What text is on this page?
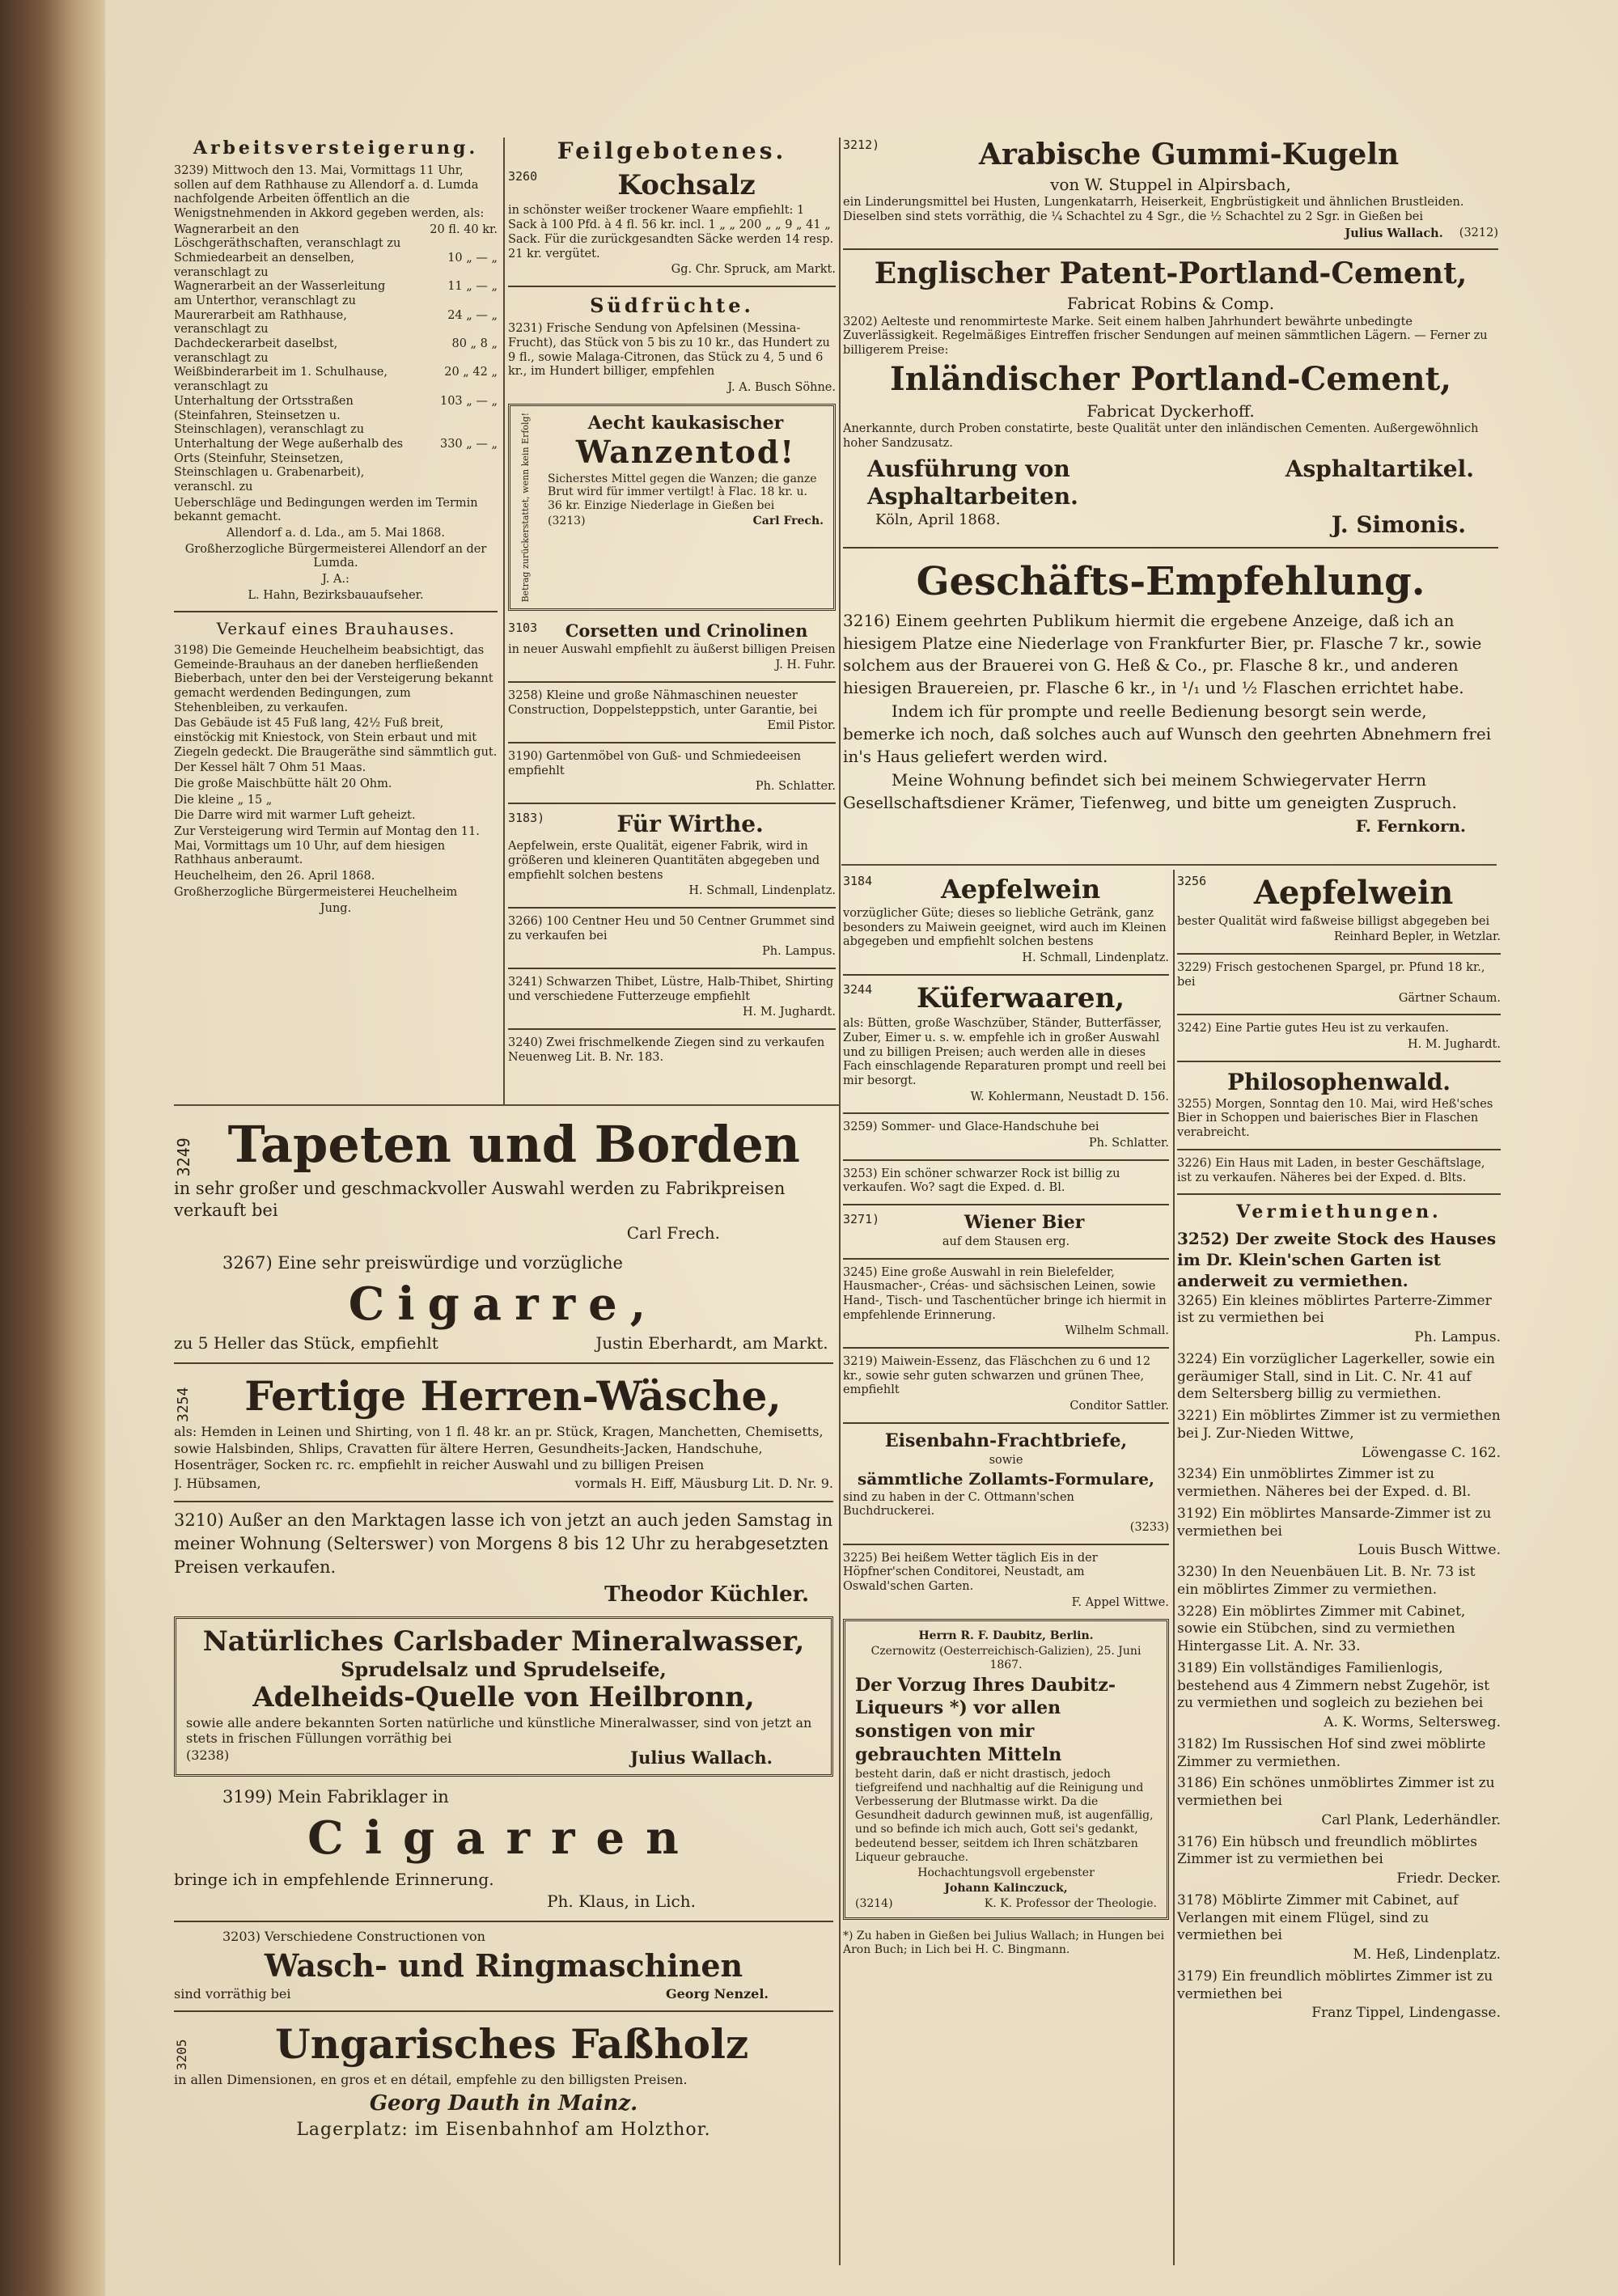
Arbeitsversteigerung.

3239) Mittwoch den 13. Mai, Vormittags 11 Uhr, sollen auf dem Rathhause zu Allendorf a. d. Lumda nachfolgende Arbeiten öffentlich an die Wenigstnehmenden in Akkord gegeben werden, als:

Wagnerarbeit an den Löschgeräthschaften, veranschlagt zu
20 fl. 40 kr.
Schmiedearbeit an denselben, veranschlagt zu
10 „ — „
Wagnerarbeit an der Wasserleitung am Unterthor, veranschlagt zu
11 „ — „
Maurerarbeit am Rathhause, veranschlagt zu
24 „ — „
Dachdeckerarbeit daselbst, veranschlagt zu
80 „ 8 „
Weißbinderarbeit im 1. Schulhause, veranschlagt zu
20 „ 42 „
Unterhaltung der Ortsstraßen (Steinfahren, Steinsetzen u. Steinschlagen), veranschlagt zu
103 „ — „
Unterhaltung der Wege außerhalb des Orts (Steinfuhr, Steinsetzen, Steinschlagen u. Grabenarbeit), veranschl. zu
330 „ — „

Ueberschläge und Bedingungen werden im Termin bekannt gemacht.

Allendorf a. d. Lda., am 5. Mai 1868.

Großherzogliche Bürgermeisterei Allendorf an der Lumda.

J. A.:

L. Hahn, Bezirksbauaufseher.

Verkauf eines Brauhauses.

3198) Die Gemeinde Heuchelheim beabsichtigt, das Gemeinde-Brauhaus an der daneben herfließenden Bieberbach, unter den bei der Versteigerung bekannt gemacht werdenden Bedingungen, zum Stehenbleiben, zu verkaufen.

Das Gebäude ist 45 Fuß lang, 42½ Fuß breit, einstöckig mit Kniestock, von Stein erbaut und mit Ziegeln gedeckt. Die Braugeräthe sind sämmtlich gut.

Der Kessel hält 7 Ohm 51 Maas.

Die große Maischbütte hält 20 Ohm.

Die kleine „ 15 „

Die Darre wird mit warmer Luft geheizt.

Zur Versteigerung wird Termin auf Montag den 11. Mai, Vormittags um 10 Uhr, auf dem hiesigen Rathhaus anberaumt.

Heuchelheim, den 26. April 1868.

Großherzogliche Bürgermeisterei Heuchelheim

Jung.

Feilgebotenes.
3260	Kochsalz

in schönster weißer trockener Waare empfiehlt: 1 Sack à 100 Pfd. à 4 fl. 56 kr. incl. 1 „ „ 200 „ „ 9 „ 41 „ Sack. Für die zurückgesandten Säcke werden 14 resp. 21 kr. vergütet.

Gg. Chr. Spruck, am Markt.

Südfrüchte.

3231) Frische Sendung von Apfelsinen (Messina-Frucht), das Stück von 5 bis zu 10 kr., das Hundert zu 9 fl., sowie Malaga-Citronen, das Stück zu 4, 5 und 6 kr., im Hundert billiger, empfehlen

J. A. Busch Söhne.

Betrag zurückerstattet, wenn kein Erfolg!	Aecht kaukasischer
Wanzentod!

Sicherstes Mittel gegen die Wanzen; die ganze Brut wird für immer vertilgt! à Flac. 18 kr. u. 36 kr. Einzige Niederlage in Gießen bei

(3213)	Carl Frech.
3103	Corsetten und Crinolinen

in neuer Auswahl empfiehlt zu äußerst billigen Preisen

J. H. Fuhr.

3258) Kleine und große Nähmaschinen neuester Construction, Doppelsteppstich, unter Garantie, bei

Emil Pistor.

3190) Gartenmöbel von Guß- und Schmiedeeisen empfiehlt

Ph. Schlatter.

3183)	Für Wirthe.

Aepfelwein, erste Qualität, eigener Fabrik, wird in größeren und kleineren Quantitäten abgegeben und empfiehlt solchen bestens

H. Schmall, Lindenplatz.

3266) 100 Centner Heu und 50 Centner Grummet sind zu verkaufen bei

Ph. Lampus.

3241) Schwarzen Thibet, Lüstre, Halb-Thibet, Shirting und verschiedene Futterzeuge empfiehlt

H. M. Jughardt.

3240) Zwei frischmelkende Ziegen sind zu verkaufen Neuenweg Lit. B. Nr. 183.

3249 Tapeten und Borden

in sehr großer und geschmackvoller Auswahl werden zu Fabrikpreisen verkauft bei

Carl Frech.

3267) Eine sehr preiswürdige und vorzügliche

Cigarre,
zu 5 Heller das Stück, empfiehlt	Justin Eberhardt, am Markt.
3254	Fertige Herren-Wäsche,

als: Hemden in Leinen und Shirting, von 1 fl. 48 kr. an pr. Stück, Kragen, Manchetten, Chemisetts, sowie Halsbinden, Shlips, Cravatten für ältere Herren, Gesundheits-Jacken, Handschuhe, Hosenträger, Socken rc. rc. empfiehlt in reicher Auswahl und zu billigen Preisen

J. Hübsamen,	vormals H. Eiff, Mäusburg Lit. D. Nr. 9.

3210) Außer an den Marktagen lasse ich von jetzt an auch jeden Samstag in meiner Wohnung (Selterswег) von Morgens 8 bis 12 Uhr zu herabgesetzten Preisen verkaufen.

Theodor Küchler.

Natürliches Carlsbader Mineralwasser,
Sprudelsalz und Sprudelseife,
Adelheids-Quelle von Heilbronn,

sowie alle andere bekannten Sorten natürliche und künstliche Mineralwasser, sind von jetzt an stets in frischen Füllungen vorräthig bei

(3238)	Julius Wallach.

3199) Mein Fabriklager in

Cigarren

bringe ich in empfehlende Erinnerung.

Ph. Klaus, in Lich.

3203) Verschiedene Constructionen von

Wasch- und Ringmaschinen
sind vorräthig bei	Georg Nenzel.
3205	Ungarisches Faßholz

in allen Dimensionen, en gros et en détail, empfehle zu den billigsten Preisen.

Georg Dauth in Mainz.

Lagerplatz: im Eisenbahnhof am Holzthor.

3212)	Arabische Gummi-Kugeln

von W. Stuppel in Alpirsbach,

ein Linderungsmittel bei Husten, Lungenkatarrh, Heiserkeit, Engbrüstigkeit und ähnlichen Brustleiden. Dieselben sind stets vorräthig, die ¼ Schachtel zu 4 Sgr., die ½ Schachtel zu 2 Sgr. in Gießen bei

Julius Wallach.	(3212)
Englischer Patent-Portland-Cement,

Fabricat Robins & Comp.

3202) Aelteste und renommirteste Marke. Seit einem halben Jahrhundert bewährte unbedingte Zuverlässigkeit. Regelmäßiges Eintreffen frischer Sendungen auf meinen sämmtlichen Lägern. — Ferner zu billigerem Preise:

Inländischer Portland-Cement,

Fabricat Dyckerhoff.

Anerkannte, durch Proben constatirte, beste Qualität unter den inländischen Cementen. Außergewöhnlich hoher Sandzusatz.

Ausführung von Asphaltarbeiten.
Asphaltartikel.
Köln, April 1868.	J. Simonis.
Geschäfts-Empfehlung.

3216) Einem geehrten Publikum hiermit die ergebene Anzeige, daß ich an hiesigem Platze eine Niederlage von Frankfurter Bier, pr. Flasche 7 kr., sowie solchem aus der Brauerei von G. Heß & Co., pr. Flasche 8 kr., und anderen hiesigen Brauereien, pr. Flasche 6 kr., in ¹/₁ und ½ Flaschen errichtet habe.

Indem ich für prompte und reelle Bedienung besorgt sein werde, bemerke ich noch, daß solches auch auf Wunsch den geehrten Abnehmern frei in's Haus geliefert werden wird.

Meine Wohnung befindet sich bei meinem Schwiegervater Herrn Gesellschaftsdiener Krämer, Tiefenweg, und bitte um geneigten Zuspruch.

F. Fernkorn.

3184	Aepfelwein

vorzüglicher Güte; dieses so liebliche Getränk, ganz besonders zu Maiwein geeignet, wird auch im Kleinen abgegeben und empfiehlt solchen bestens

H. Schmall, Lindenplatz.

3244	Küferwaaren,

als: Bütten, große Waschzüber, Ständer, Butterfässer, Zuber, Eimer u. s. w. empfehle ich in großer Auswahl und zu billigen Preisen; auch werden alle in dieses Fach einschlagende Reparaturen prompt und reell bei mir besorgt.

W. Kohlermann, Neustadt D. 156.

3259) Sommer- und Glace-Handschuhe bei

Ph. Schlatter.

3253) Ein schöner schwarzer Rock ist billig zu verkaufen. Wo? sagt die Exped. d. Bl.

3271)	Wiener Bier

auf dem Stausen erg.

3245) Eine große Auswahl in rein Bielefelder, Hausmacher-, Créas- und sächsischen Leinen, sowie Hand-, Tisch- und Taschentücher bringe ich hiermit in empfehlende Erinnerung.

Wilhelm Schmall.

3219) Maiwein-Essenz, das Fläschchen zu 6 und 12 kr., sowie sehr guten schwarzen und grünen Thee, empfiehlt

Conditor Sattler.

Eisenbahn-Frachtbriefe,

sowie

sämmtliche Zollamts-Formulare,

sind zu haben in der C. Ottmann'schen Buchdruckerei.

(3233)

3225) Bei heißem Wetter täglich Eis in der Höpfner'schen Conditorei, Neustadt, am Oswald'schen Garten.

F. Appel Wittwe.

Herrn R. F. Daubitz, Berlin.

Czernowitz (Oesterreichisch-Galizien), 25. Juni 1867.

Der Vorzug Ihres Daubitz-Liqueurs *) vor allen sonstigen von mir gebrauchten Mitteln

besteht darin, daß er nicht drastisch, jedoch tiefgreifend und nachhaltig auf die Reinigung und Verbesserung der Blutmasse wirkt. Da die Gesundheit dadurch gewinnen muß, ist augenfällig, und so befinde ich mich auch, Gott sei's gedankt, bedeutend besser, seitdem ich Ihren schätzbaren Liqueur gebrauche.

Hochachtungsvoll ergebenster

Johann Kalinczuck,

(3214)	K. K. Professor der Theologie.

*) Zu haben in Gießen bei Julius Wallach; in Hungen bei Aron Buch; in Lich bei H. C. Bingmann.

3256	Aepfelwein

bester Qualität wird faßweise billigst abgegeben bei

Reinhard Bepler, in Wetzlar.

3229) Frisch gestochenen Spargel, pr. Pfund 18 kr., bei

Gärtner Schaum.

3242) Eine Partie gutes Heu ist zu verkaufen.

H. M. Jughardt.

Philosophenwald.

3255) Morgen, Sonntag den 10. Mai, wird Heß'sches Bier in Schoppen und baierisches Bier in Flaschen verabreicht.

3226) Ein Haus mit Laden, in bester Geschäftslage, ist zu verkaufen. Näheres bei der Exped. d. Blts.

Vermiethungen.

3252) Der zweite Stock des Hauses im Dr. Klein'schen Garten ist anderweit zu vermiethen.

3265) Ein kleines möblirtes Parterre-Zimmer ist zu vermiethen bei

Ph. Lampus.

3224) Ein vorzüglicher Lagerkeller, sowie ein geräumiger Stall, sind in Lit. C. Nr. 41 auf dem Seltersberg billig zu vermiethen.

3221) Ein möblirtes Zimmer ist zu vermiethen bei J. Zur-Nieden Wittwe,

Löwengasse C. 162.

3234) Ein unmöblirtes Zimmer ist zu vermiethen. Näheres bei der Exped. d. Bl.

3192) Ein möblirtes Mansarde-Zimmer ist zu vermiethen bei

Louis Busch Wittwe.

3230) In den Neuenbäuen Lit. B. Nr. 73 ist ein möblirtes Zimmer zu vermiethen.

3228) Ein möblirtes Zimmer mit Cabinet, sowie ein Stübchen, sind zu vermiethen Hintergasse Lit. A. Nr. 33.

3189) Ein vollständiges Familienlogis, bestehend aus 4 Zimmern nebst Zugehör, ist zu vermiethen und sogleich zu beziehen bei

A. K. Worms, Seltersweg.

3182) Im Russischen Hof sind zwei möblirte Zimmer zu vermiethen.

3186) Ein schönes unmöblirtes Zimmer ist zu vermiethen bei

Carl Plank, Lederhändler.

3176) Ein hübsch und freundlich möblirtes Zimmer ist zu vermiethen bei

Friedr. Decker.

3178) Möblirte Zimmer mit Cabinet, auf Verlangen mit einem Flügel, sind zu vermiethen bei

M. Heß, Lindenplatz.

3179) Ein freundlich möblirtes Zimmer ist zu vermiethen bei

Franz Tippel, Lindengasse.
